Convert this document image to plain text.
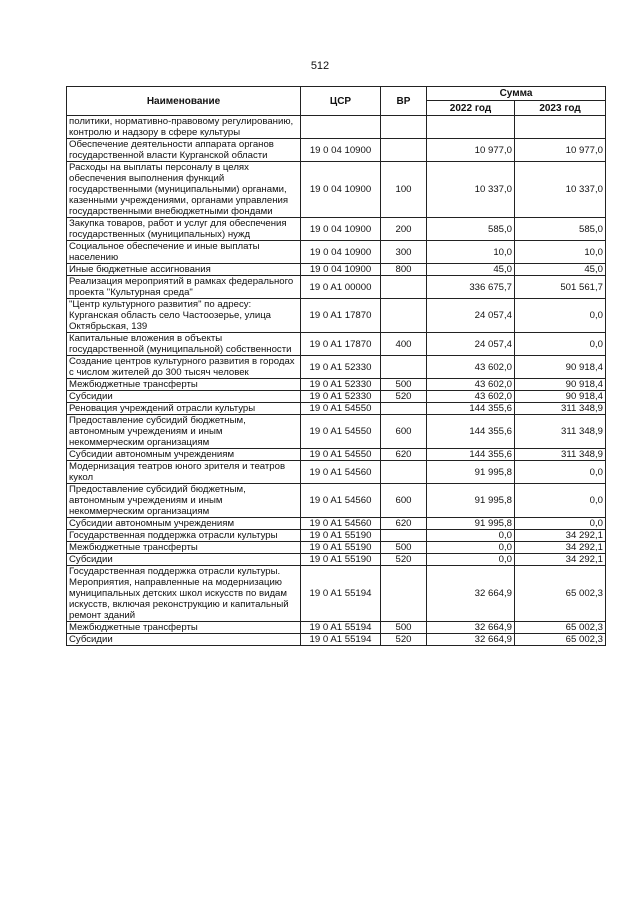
512
Наименование	ЦСР	ВР	Сумма	
			2022 год	2023 год
политики, нормативно-правовому регулированию, контролю и надзору в сфере культуры				
Обеспечение деятельности аппарата органов государственной власти Курганской области	19 0 04 10900		10 977,0	10 977,0
Расходы на выплаты персоналу в целях обеспечения выполнения функций государственными (муниципальными) органами, казенными учреждениями, органами управления государственными внебюджетными фондами	19 0 04 10900	100	10 337,0	10 337,0
Закупка товаров, работ и услуг для обеспечения государственных (муниципальных) нужд	19 0 04 10900	200	585,0	585,0
Социальное обеспечение и иные выплаты населению	19 0 04 10900	300	10,0	10,0
Иные бюджетные ассигнования	19 0 04 10900	800	45,0	45,0
Реализация мероприятий в рамках федерального проекта "Культурная среда"	19 0 A1 00000		336 675,7	501 561,7
"Центр культурного развития" по адресу: Курганская область село Частоозерье, улица Октябрьская, 139	19 0 A1 17870		24 057,4	0,0
Капитальные вложения в объекты государственной (муниципальной) собственности	19 0 A1 17870	400	24 057,4	0,0
Создание центров культурного развития в городах с числом жителей до 300 тысяч человек	19 0 A1 52330		43 602,0	90 918,4
Межбюджетные трансферты	19 0 A1 52330	500	43 602,0	90 918,4
Субсидии	19 0 A1 52330	520	43 602,0	90 918,4
Реновация учреждений отрасли культуры	19 0 A1 54550		144 355,6	311 348,9
Предоставление субсидий бюджетным, автономным учреждениям и иным некоммерческим организациям	19 0 A1 54550	600	144 355,6	311 348,9
Субсидии автономным учреждениям	19 0 A1 54550	620	144 355,6	311 348,9
Модернизация театров юного зрителя и театров кукол	19 0 A1 54560		91 995,8	0,0
Предоставление субсидий бюджетным, автономным учреждениям и иным некоммерческим организациям	19 0 A1 54560	600	91 995,8	0,0
Субсидии автономным учреждениям	19 0 A1 54560	620	91 995,8	0,0
Государственная поддержка отрасли культуры	19 0 A1 55190		0,0	34 292,1
Межбюджетные трансферты	19 0 A1 55190	500	0,0	34 292,1
Субсидии	19 0 A1 55190	520	0,0	34 292,1
Государственная поддержка отрасли культуры. Мероприятия, направленные на модернизацию муниципальных детских школ искусств по видам искусств, включая реконструкцию и капитальный ремонт зданий	19 0 A1 55194		32 664,9	65 002,3
Межбюджетные трансферты	19 0 A1 55194	500	32 664,9	65 002,3
Субсидии	19 0 A1 55194	520	32 664,9	65 002,3
